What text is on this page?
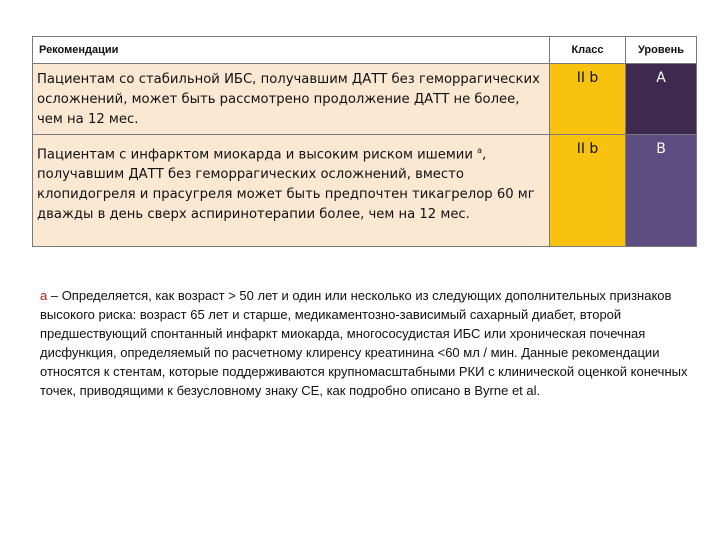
Рекомендации	Класс	Уровень
Пациентам со стабильной ИБС, получавшим ДАТТ без геморрагических осложнений, может быть рассмотрено продолжение ДАТТ не более, чем на 12 мес.	II b	A
Пациентам с инфарктом миокарда и высоким риском ишемии $^a$, получавшим ДАТТ без геморрагических осложнений, вместо клопидогреля и прасугреля может быть предпочтен тикагрелор 60 мг дважды в день сверх аспиринотерапии более, чем на 12 мес.	II b	B
a – Определяется, как возраст > 50 лет и один или несколько из следующих дополнительных признаков высокого риска: возраст 65 лет и старше, медикаментозно-зависимый сахарный диабет, второй предшествующий спонтанный инфаркт миокарда, многососудистая ИБС или хроническая почечная дисфункция, определяемый по расчетному клиренсу креатинина <60 мл / мин. Данные рекомендации относятся к стентам, которые поддерживаются крупномасштабными РКИ с клинической оценкой конечных точек, приводящими к безусловному знаку СЕ, как подробно описано в Byrne et al.
